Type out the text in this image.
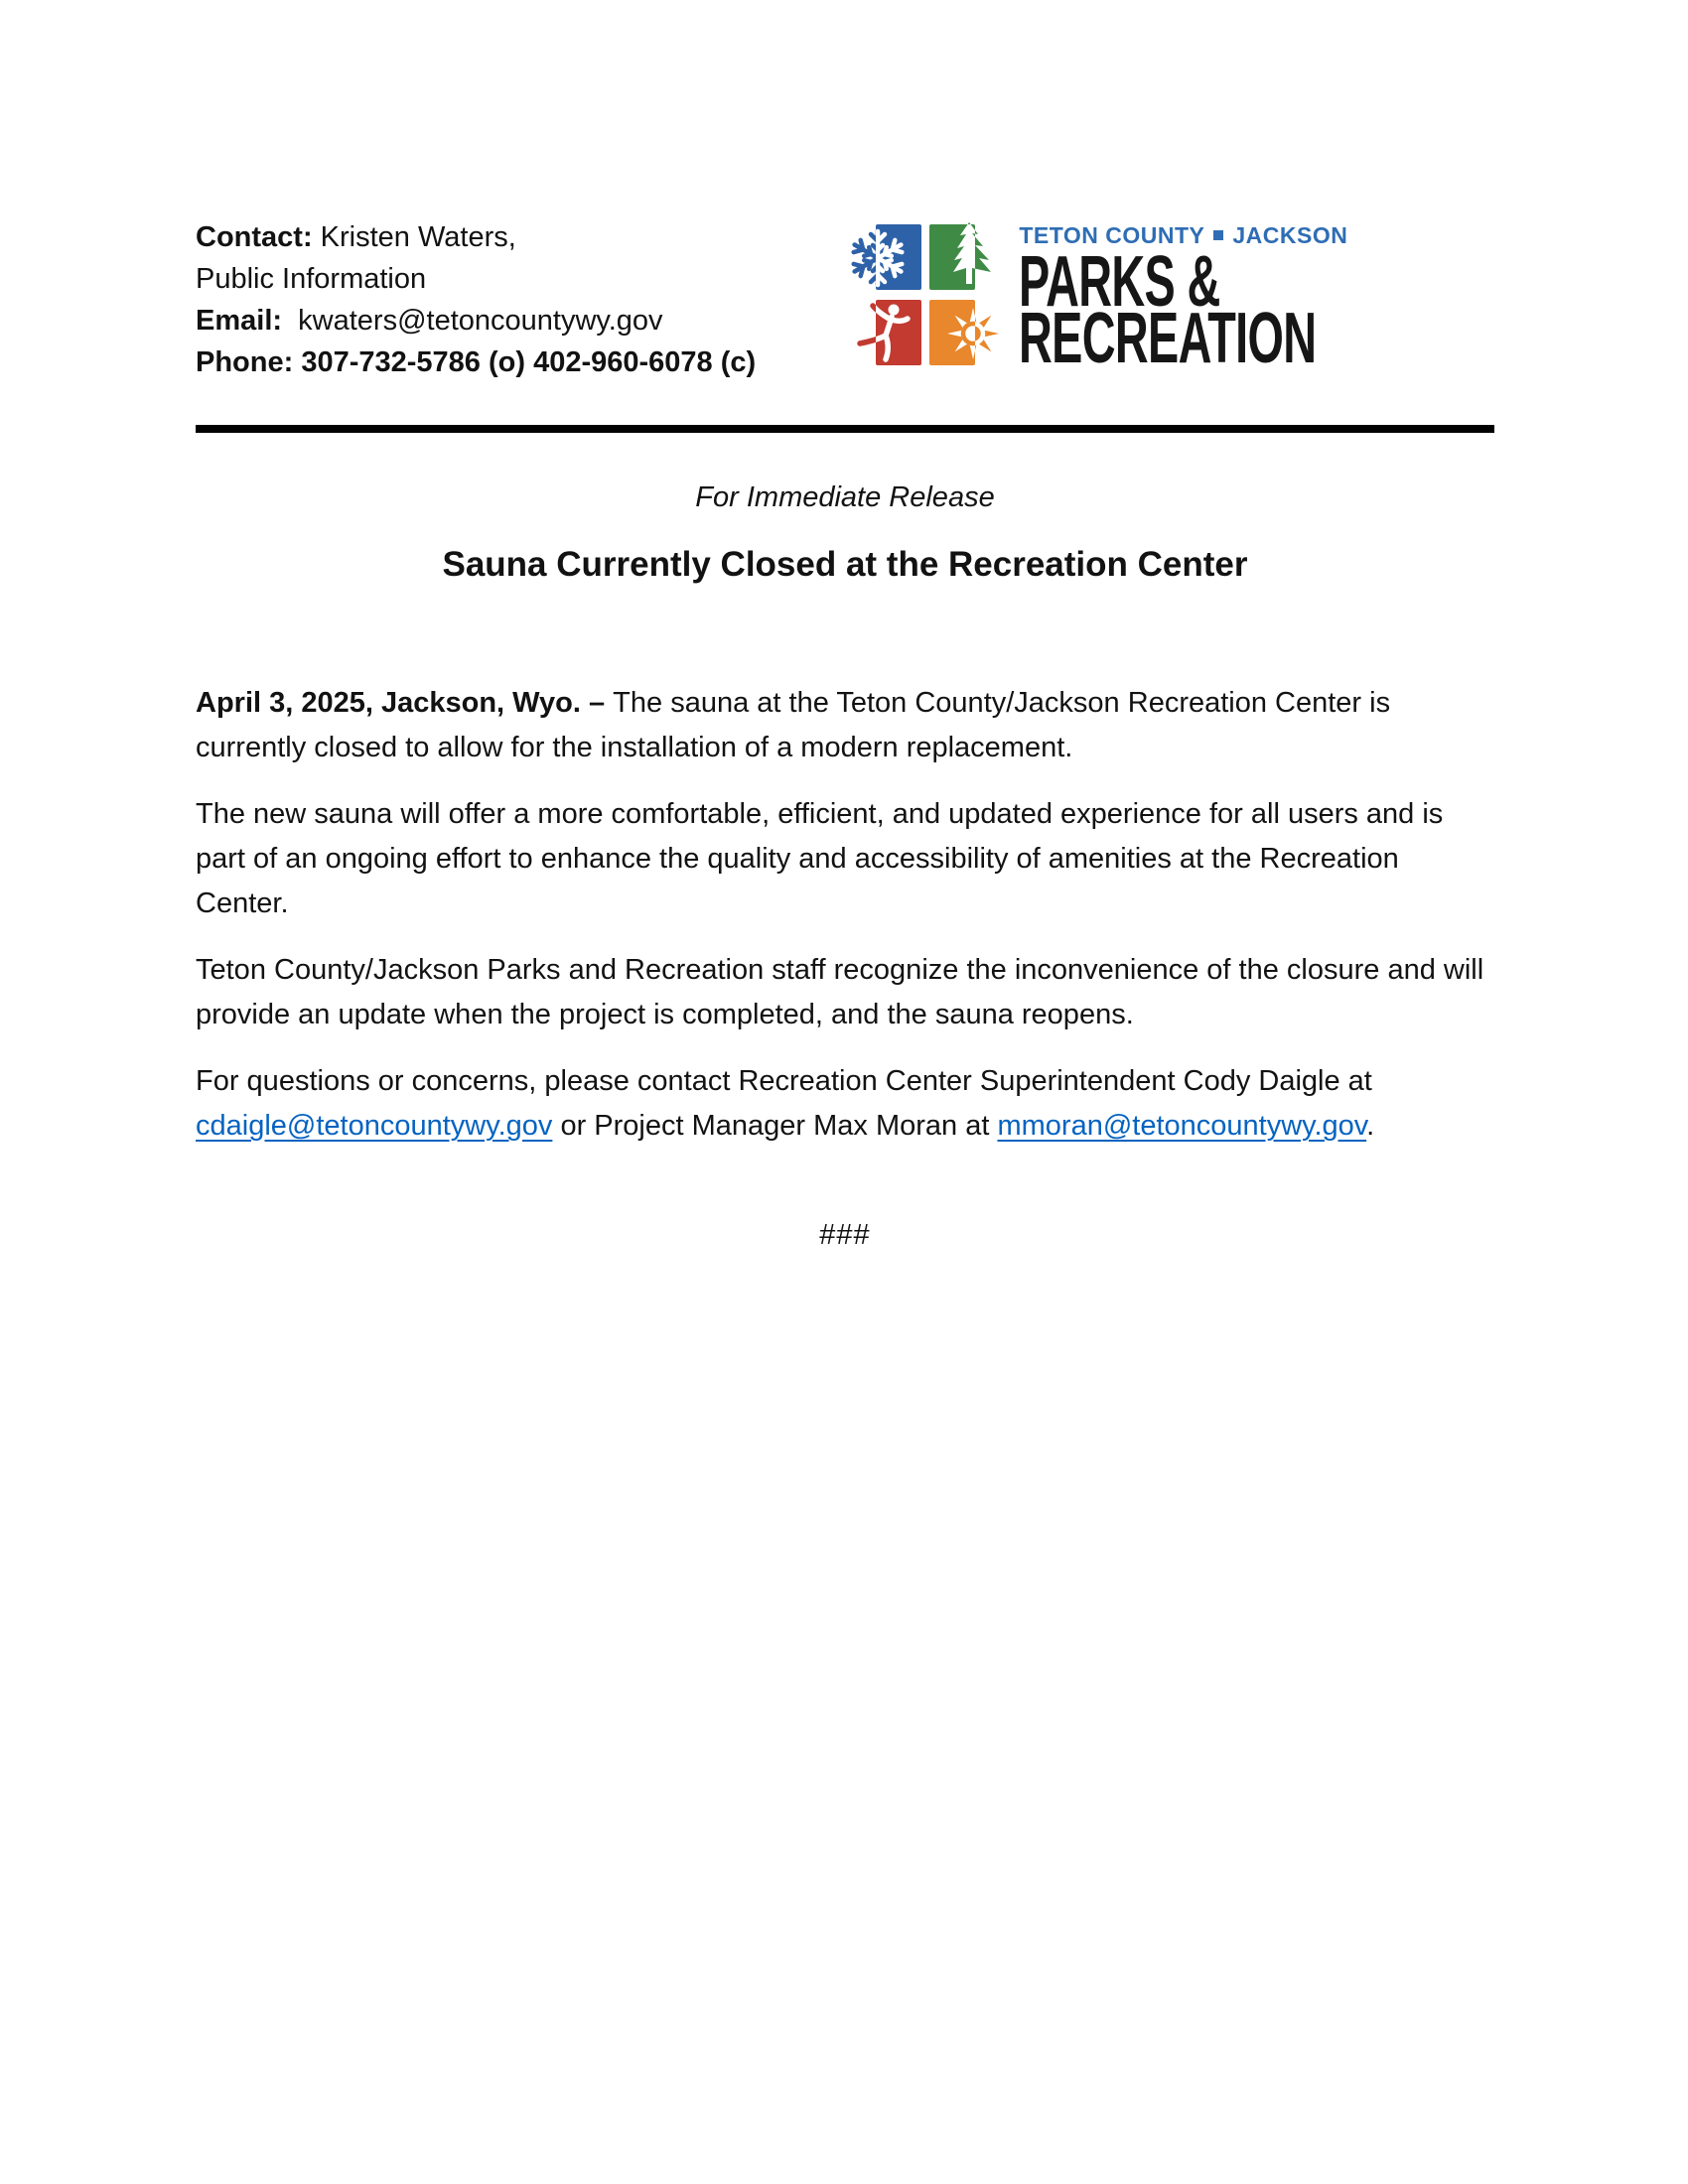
Contact: Kristen Waters,
Public Information
Email:  kwaters@tetoncountywy.gov
Phone: 307-732-5786 (o) 402-960-6078 (c)
TETON COUNTY JACKSON
PARKS &
RECREATION

For Immediate Release

Sauna Currently Closed at the Recreation Center

April 3, 2025, Jackson, Wyo. – The sauna at the Teton County/Jackson Recreation Center is currently closed to allow for the installation of a modern replacement.

The new sauna will offer a more comfortable, efficient, and updated experience for all users and is part of an ongoing effort to enhance the quality and accessibility of amenities at the Recreation Center.

Teton County/Jackson Parks and Recreation staff recognize the inconvenience of the closure and will provide an update when the project is completed, and the sauna reopens.

For questions or concerns, please contact Recreation Center Superintendent Cody Daigle at cdaigle@tetoncountywy.gov or Project Manager Max Moran at mmoran@tetoncountywy.gov.

###
